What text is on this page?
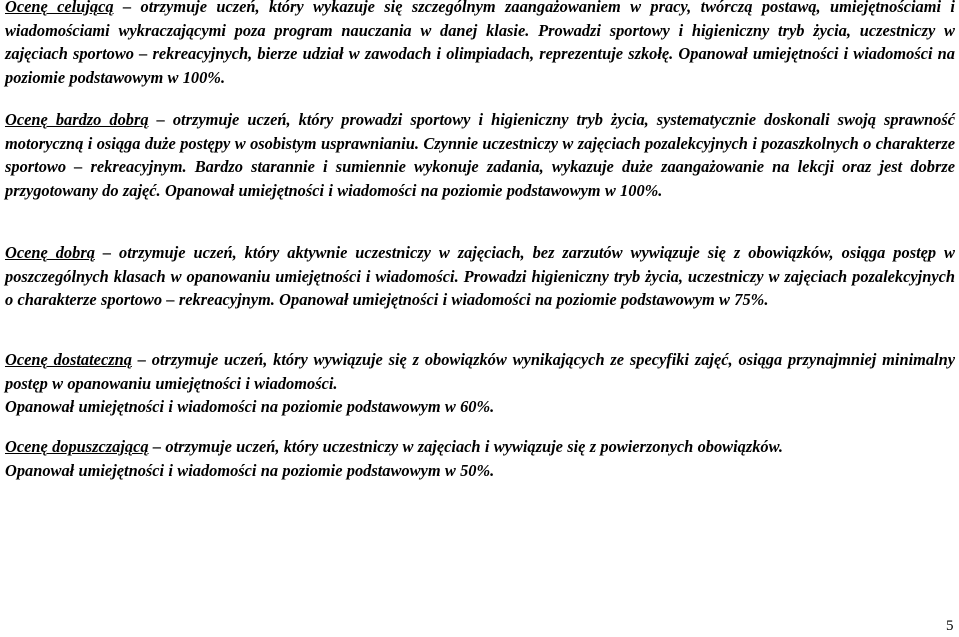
Ocenę celującą – otrzymuje uczeń, który wykazuje się szczególnym zaangażowaniem w pracy, twórczą postawą, umiejętnościami i wiadomościami wykraczającymi poza program nauczania w danej klasie. Prowadzi sportowy i higieniczny tryb życia, uczestniczy w zajęciach sportowo – rekreacyjnych, bierze udział w zawodach i olimpiadach, reprezentuje szkołę. Opanował umiejętności i wiadomości na poziomie podstawowym w 100%.

Ocenę bardzo dobrą – otrzymuje uczeń, który prowadzi sportowy i higieniczny tryb życia, systematycznie doskonali swoją sprawność motoryczną i osiąga duże postępy w osobistym usprawnianiu. Czynnie uczestniczy w zajęciach pozalekcyjnych i pozaszkolnych o charakterze sportowo – rekreacyjnym. Bardzo starannie i sumiennie wykonuje zadania, wykazuje duże zaangażowanie na lekcji oraz jest dobrze przygotowany do zajęć. Opanował umiejętności i wiadomości na poziomie podstawowym w 100%.

Ocenę dobrą – otrzymuje uczeń, który aktywnie uczestniczy w zajęciach, bez zarzutów wywiązuje się z obowiązków, osiąga postęp w poszczególnych klasach w opanowaniu umiejętności i wiadomości. Prowadzi higieniczny tryb życia, uczestniczy w zajęciach pozalekcyjnych o charakterze sportowo – rekreacyjnym. Opanował umiejętności i wiadomości na poziomie podstawowym w 75%.

Ocenę dostateczną – otrzymuje uczeń, który wywiązuje się z obowiązków wynikających ze specyfiki zajęć, osiąga przynajmniej minimalny postęp w opanowaniu umiejętności i wiadomości.

Opanował umiejętności i wiadomości na poziomie podstawowym w 60%.

Ocenę dopuszczającą – otrzymuje uczeń, który uczestniczy w zajęciach i wywiązuje się z powierzonych obowiązków.

Opanował umiejętności i wiadomości na poziomie podstawowym w 50%.

5
